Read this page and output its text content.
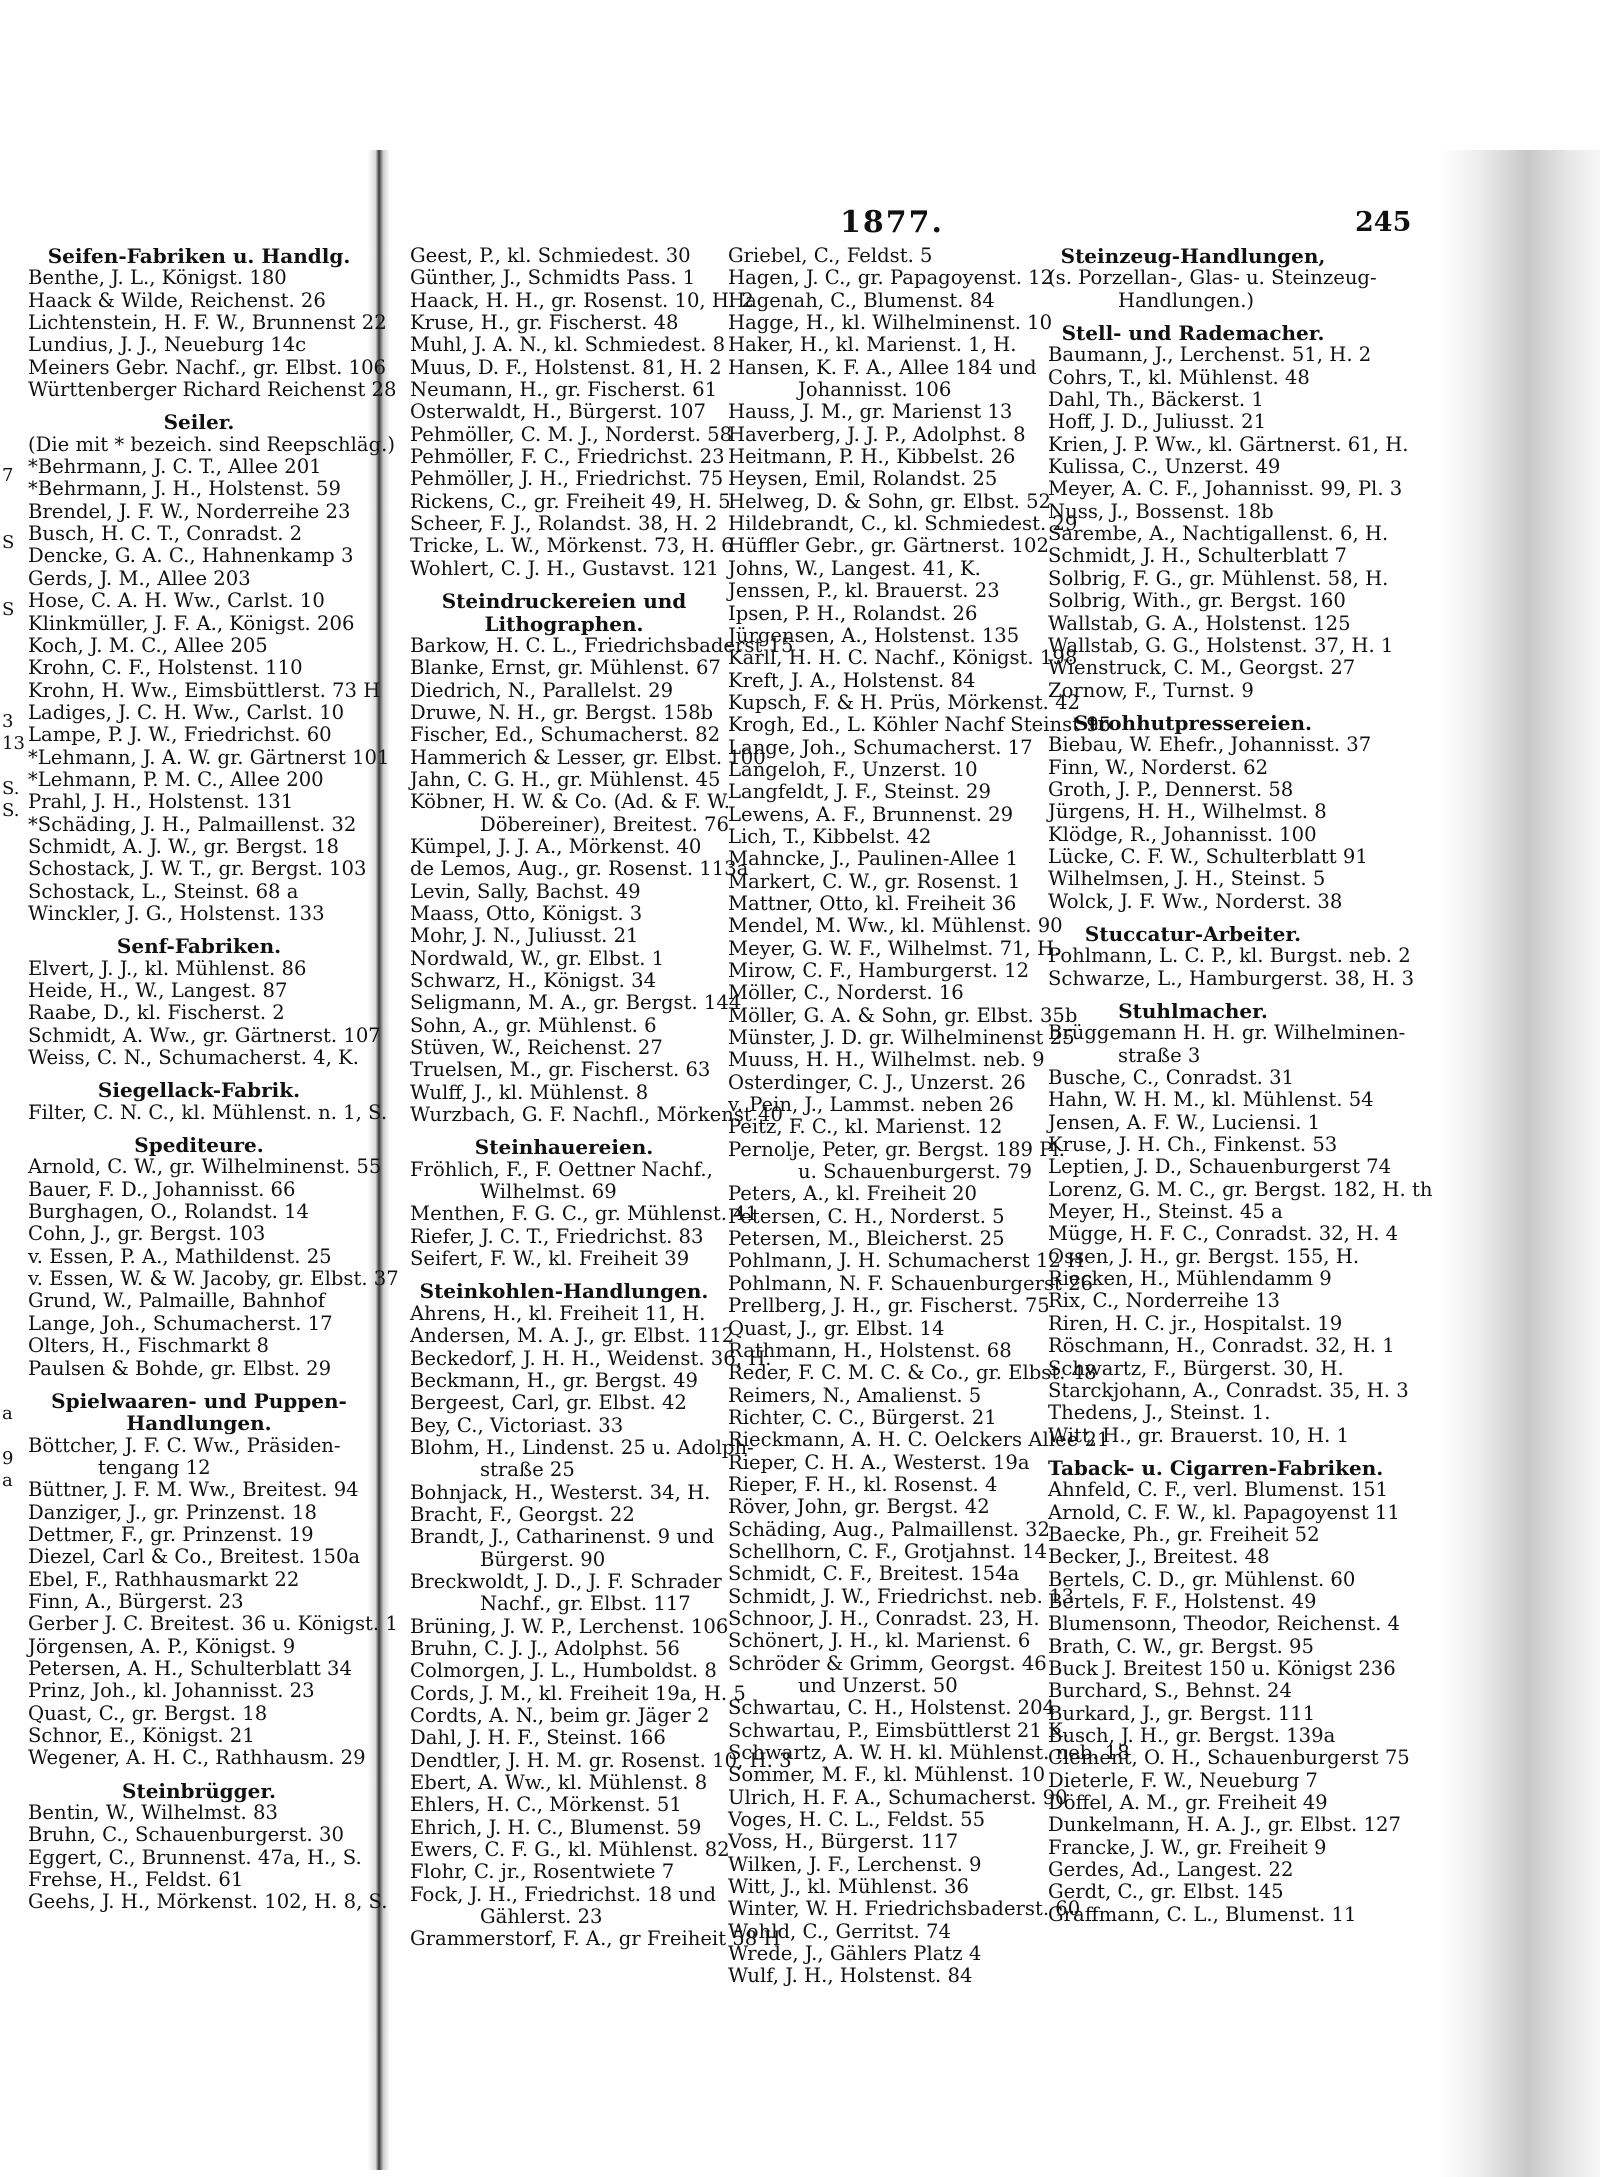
7
S
S
3
13
S.
S.
a
9
a
1877.	245
Seifen-Fabriken u. Handlg.
Benthe, J. L., Königst. 180
Haack & Wilde, Reichenst. 26
Lichtenstein, H. F. W., Brunnenst 22
Lundius, J. J., Neueburg 14c
Meiners Gebr. Nachf., gr. Elbst. 106
Württenberger Richard Reichenst 28
Seiler.
(Die mit * bezeich. sind Reepschläg.)
*Behrmann, J. C. T., Allee 201
*Behrmann, J. H., Holstenst. 59
Brendel, J. F. W., Norderreihe 23
Busch, H. C. T., Conradst. 2
Dencke, G. A. C., Hahnenkamp 3
Gerds, J. M., Allee 203
Hose, C. A. H. Ww., Carlst. 10
Klinkmüller, J. F. A., Königst. 206
Koch, J. M. C., Allee 205
Krohn, C. F., Holstenst. 110
Krohn, H. Ww., Eimsbüttlerst. 73 H
Ladiges, J. C. H. Ww., Carlst. 10
Lampe, P. J. W., Friedrichst. 60
*Lehmann, J. A. W. gr. Gärtnerst 101
*Lehmann, P. M. C., Allee 200
Prahl, J. H., Holstenst. 131
*Schäding, J. H., Palmaillenst. 32
Schmidt, A. J. W., gr. Bergst. 18
Schostack, J. W. T., gr. Bergst. 103
Schostack, L., Steinst. 68 a
Winckler, J. G., Holstenst. 133
Senf-Fabriken.
Elvert, J. J., kl. Mühlenst. 86
Heide, H., W., Langest. 87
Raabe, D., kl. Fischerst. 2
Schmidt, A. Ww., gr. Gärtnerst. 107
Weiss, C. N., Schumacherst. 4, K.
Siegellack-Fabrik.
Filter, C. N. C., kl. Mühlenst. n. 1, S.
Spediteure.
Arnold, C. W., gr. Wilhelminenst. 55
Bauer, F. D., Johannisst. 66
Burghagen, O., Rolandst. 14
Cohn, J., gr. Bergst. 103
v. Essen, P. A., Mathildenst. 25
v. Essen, W. & W. Jacoby, gr. Elbst. 37
Grund, W., Palmaille, Bahnhof
Lange, Joh., Schumacherst. 17
Olters, H., Fischmarkt 8
Paulsen & Bohde, gr. Elbst. 29
Spielwaaren- und Puppen-
Handlungen.
Böttcher, J. F. C. Ww., Präsiden-
tengang 12
Büttner, J. F. M. Ww., Breitest. 94
Danziger, J., gr. Prinzenst. 18
Dettmer, F., gr. Prinzenst. 19
Diezel, Carl & Co., Breitest. 150a
Ebel, F., Rathhausmarkt 22
Finn, A., Bürgerst. 23
Gerber J. C. Breitest. 36 u. Königst. 1
Jörgensen, A. P., Königst. 9
Petersen, A. H., Schulterblatt 34
Prinz, Joh., kl. Johannisst. 23
Quast, C., gr. Bergst. 18
Schnor, E., Königst. 21
Wegener, A. H. C., Rathhausm. 29
Steinbrügger.
Bentin, W., Wilhelmst. 83
Bruhn, C., Schauenburgerst. 30
Eggert, C., Brunnenst. 47a, H., S.
Frehse, H., Feldst. 61
Geehs, J. H., Mörkenst. 102, H. 8, S.
Geest, P., kl. Schmiedest. 30
Günther, J., Schmidts Pass. 1
Haack, H. H., gr. Rosenst. 10, H. 2
Kruse, H., gr. Fischerst. 48
Muhl, J. A. N., kl. Schmiedest. 8
Muus, D. F., Holstenst. 81, H. 2
Neumann, H., gr. Fischerst. 61
Osterwaldt, H., Bürgerst. 107
Pehmöller, C. M. J., Norderst. 58
Pehmöller, F. C., Friedrichst. 23
Pehmöller, J. H., Friedrichst. 75
Rickens, C., gr. Freiheit 49, H. 5
Scheer, F. J., Rolandst. 38, H. 2
Tricke, L. W., Mörkenst. 73, H. 6
Wohlert, C. J. H., Gustavst. 121
Steindruckereien und
Lithographen.
Barkow, H. C. L., Friedrichsbaderst 15
Blanke, Ernst, gr. Mühlenst. 67
Diedrich, N., Parallelst. 29
Druwe, N. H., gr. Bergst. 158b
Fischer, Ed., Schumacherst. 82
Hammerich & Lesser, gr. Elbst. 100
Jahn, C. G. H., gr. Mühlenst. 45
Köbner, H. W. & Co. (Ad. & F. W.
Döbereiner), Breitest. 76
Kümpel, J. J. A., Mörkenst. 40
de Lemos, Aug., gr. Rosenst. 113a
Levin, Sally, Bachst. 49
Maass, Otto, Königst. 3
Mohr, J. N., Juliusst. 21
Nordwald, W., gr. Elbst. 1
Schwarz, H., Königst. 34
Seligmann, M. A., gr. Bergst. 144
Sohn, A., gr. Mühlenst. 6
Stüven, W., Reichenst. 27
Truelsen, M., gr. Fischerst. 63
Wulff, J., kl. Mühlenst. 8
Wurzbach, G. F. Nachfl., Mörkenst 40
Steinhauereien.
Fröhlich, F., F. Oettner Nachf.,
Wilhelmst. 69
Menthen, F. G. C., gr. Mühlenst. 41
Riefer, J. C. T., Friedrichst. 83
Seifert, F. W., kl. Freiheit 39
Steinkohlen-Handlungen.
Ahrens, H., kl. Freiheit 11, H.
Andersen, M. A. J., gr. Elbst. 112
Beckedorf, J. H. H., Weidenst. 36, H.
Beckmann, H., gr. Bergst. 49
Bergeest, Carl, gr. Elbst. 42
Bey, C., Victoriast. 33
Blohm, H., Lindenst. 25 u. Adolph-
straße 25
Bohnjack, H., Westerst. 34, H.
Bracht, F., Georgst. 22
Brandt, J., Catharinenst. 9 und
Bürgerst. 90
Breckwoldt, J. D., J. F. Schrader
Nachf., gr. Elbst. 117
Brüning, J. W. P., Lerchenst. 106
Bruhn, C. J. J., Adolphst. 56
Colmorgen, J. L., Humboldst. 8
Cords, J. M., kl. Freiheit 19a, H. 5
Cordts, A. N., beim gr. Jäger 2
Dahl, J. H. F., Steinst. 166
Dendtler, J. H. M. gr. Rosenst. 10, H. 3
Ebert, A. Ww., kl. Mühlenst. 8
Ehlers, H. C., Mörkenst. 51
Ehrich, J. H. C., Blumenst. 59
Ewers, C. F. G., kl. Mühlenst. 82
Flohr, C. jr., Rosentwiete 7
Fock, J. H., Friedrichst. 18 und
Gählerst. 23
Grammerstorf, F. A., gr Freiheit 58 H
Griebel, C., Feldst. 5
Hagen, J. C., gr. Papagoyenst. 12
Hagenah, C., Blumenst. 84
Hagge, H., kl. Wilhelminenst. 10
Haker, H., kl. Marienst. 1, H.
Hansen, K. F. A., Allee 184 und
Johannisst. 106
Hauss, J. M., gr. Marienst 13
Haverberg, J. J. P., Adolphst. 8
Heitmann, P. H., Kibbelst. 26
Heysen, Emil, Rolandst. 25
Helweg, D. & Sohn, gr. Elbst. 52
Hildebrandt, C., kl. Schmiedest. 29
Hüffler Gebr., gr. Gärtnerst. 102
Johns, W., Langest. 41, K.
Jenssen, P., kl. Brauerst. 23
Ipsen, P. H., Rolandst. 26
Jürgensen, A., Holstenst. 135
Karll, H. H. C. Nachf., Königst. 198
Kreft, J. A., Holstenst. 84
Kupsch, F. & H. Prüs, Mörkenst. 42
Krogh, Ed., L. Köhler Nachf Steinst 95
Lange, Joh., Schumacherst. 17
Langeloh, F., Unzerst. 10
Langfeldt, J. F., Steinst. 29
Lewens, A. F., Brunnenst. 29
Lich, T., Kibbelst. 42
Mahncke, J., Paulinen-Allee 1
Markert, C. W., gr. Rosenst. 1
Mattner, Otto, kl. Freiheit 36
Mendel, M. Ww., kl. Mühlenst. 90
Meyer, G. W. F., Wilhelmst. 71, H.
Mirow, C. F., Hamburgerst. 12
Möller, C., Norderst. 16
Möller, G. A. & Sohn, gr. Elbst. 35b
Münster, J. D. gr. Wilhelminenst 25
Muuss, H. H., Wilhelmst. neb. 9
Osterdinger, C. J., Unzerst. 26
v. Pein, J., Lammst. neben 26
Peitz, F. C., kl. Marienst. 12
Pernolje, Peter, gr. Bergst. 189 Pl.
u. Schauenburgerst. 79
Peters, A., kl. Freiheit 20
Petersen, C. H., Norderst. 5
Petersen, M., Bleicherst. 25
Pohlmann, J. H. Schumacherst 12 H
Pohlmann, N. F. Schauenburgerst 26
Prellberg, J. H., gr. Fischerst. 75
Quast, J., gr. Elbst. 14
Rathmann, H., Holstenst. 68
Reder, F. C. M. C. & Co., gr. Elbst. 48
Reimers, N., Amalienst. 5
Richter, C. C., Bürgerst. 21
Rieckmann, A. H. C. Oelckers Allee 21
Rieper, C. H. A., Westerst. 19a
Rieper, F. H., kl. Rosenst. 4
Röver, John, gr. Bergst. 42
Schäding, Aug., Palmaillenst. 32
Schellhorn, C. F., Grotjahnst. 14
Schmidt, C. F., Breitest. 154a
Schmidt, J. W., Friedrichst. neb. 13
Schnoor, J. H., Conradst. 23, H.
Schönert, J. H., kl. Marienst. 6
Schröder & Grimm, Georgst. 46
und Unzerst. 50
Schwartau, C. H., Holstenst. 204
Schwartau, P., Eimsbüttlerst 21 K.
Schwartz, A. W. H. kl. Mühlenst. neb. 18
Sommer, M. F., kl. Mühlenst. 10
Ulrich, H. F. A., Schumacherst. 90
Voges, H. C. L., Feldst. 55
Voss, H., Bürgerst. 117
Wilken, J. F., Lerchenst. 9
Witt, J., kl. Mühlenst. 36
Winter, W. H. Friedrichsbaderst. 60
Wohld, C., Gerritst. 74
Wrede, J., Gählers Platz 4
Wulf, J. H., Holstenst. 84
Steinzeug-Handlungen,
(s. Porzellan-, Glas- u. Steinzeug-
Handlungen.)
Stell- und Rademacher.
Baumann, J., Lerchenst. 51, H. 2
Cohrs, T., kl. Mühlenst. 48
Dahl, Th., Bäckerst. 1
Hoff, J. D., Juliusst. 21
Krien, J. P. Ww., kl. Gärtnerst. 61, H.
Kulissa, C., Unzerst. 49
Meyer, A. C. F., Johannisst. 99, Pl. 3
Nuss, J., Bossenst. 18b
Sarembe, A., Nachtigallenst. 6, H.
Schmidt, J. H., Schulterblatt 7
Solbrig, F. G., gr. Mühlenst. 58, H.
Solbrig, With., gr. Bergst. 160
Wallstab, G. A., Holstenst. 125
Wallstab, G. G., Holstenst. 37, H. 1
Wienstruck, C. M., Georgst. 27
Zornow, F., Turnst. 9
Strohhutpressereien.
Biebau, W. Ehefr., Johannisst. 37
Finn, W., Norderst. 62
Groth, J. P., Dennerst. 58
Jürgens, H. H., Wilhelmst. 8
Klödge, R., Johannisst. 100
Lücke, C. F. W., Schulterblatt 91
Wilhelmsen, J. H., Steinst. 5
Wolck, J. F. Ww., Norderst. 38
Stuccatur-Arbeiter.
Pohlmann, L. C. P., kl. Burgst. neb. 2
Schwarze, L., Hamburgerst. 38, H. 3
Stuhlmacher.
Brüggemann H. H. gr. Wilhelminen-
straße 3
Busche, C., Conradst. 31
Hahn, W. H. M., kl. Mühlenst. 54
Jensen, A. F. W., Luciensi. 1
Kruse, J. H. Ch., Finkenst. 53
Leptien, J. D., Schauenburgerst 74
Lorenz, G. M. C., gr. Bergst. 182, H. th
Meyer, H., Steinst. 45 a
Mügge, H. F. C., Conradst. 32, H. 4
Ossen, J. H., gr. Bergst. 155, H.
Riecken, H., Mühlendamm 9
Rix, C., Norderreihe 13
Riren, H. C. jr., Hospitalst. 19
Röschmann, H., Conradst. 32, H. 1
Schwartz, F., Bürgerst. 30, H.
Starckjohann, A., Conradst. 35, H. 3
Thedens, J., Steinst. 1.
Witt, H., gr. Brauerst. 10, H. 1
Taback- u. Cigarren-Fabriken.
Ahnfeld, C. F., verl. Blumenst. 151
Arnold, C. F. W., kl. Papagoyenst 11
Baecke, Ph., gr. Freiheit 52
Becker, J., Breitest. 48
Bertels, C. D., gr. Mühlenst. 60
Bertels, F. F., Holstenst. 49
Blumensonn, Theodor, Reichenst. 4
Brath, C. W., gr. Bergst. 95
Buck J. Breitest 150 u. Königst 236
Burchard, S., Behnst. 24
Burkard, J., gr. Bergst. 111
Busch, J. H., gr. Bergst. 139a
Clement, O. H., Schauenburgerst 75
Dieterle, F. W., Neueburg 7
Döffel, A. M., gr. Freiheit 49
Dunkelmann, H. A. J., gr. Elbst. 127
Francke, J. W., gr. Freiheit 9
Gerdes, Ad., Langest. 22
Gerdt, C., gr. Elbst. 145
Graffmann, C. L., Blumenst. 11
